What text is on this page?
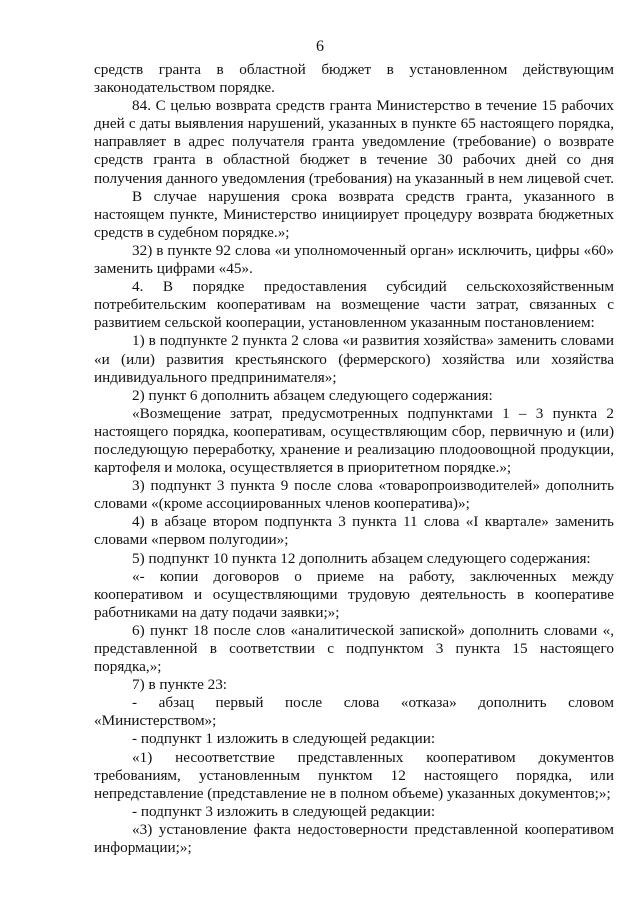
6

средств гранта в областной бюджет в установленном действующим законодательством порядке.

84. С целью возврата средств гранта Министерство в течение 15 рабочих дней с даты выявления нарушений, указанных в пункте 65 настоящего порядка, направляет в адрес получателя гранта уведомление (требование) о возврате средств гранта в областной бюджет в течение 30 рабочих дней со дня получения данного уведомления (требования) на указанный в нем лицевой счет.

В случае нарушения срока возврата средств гранта, указанного в настоящем пункте, Министерство инициирует процедуру возврата бюджетных средств в судебном порядке.»;

32) в пункте 92 слова «и уполномоченный орган» исключить, цифры «60» заменить цифрами «45».

4. В порядке предоставления субсидий сельскохозяйственным потребительским кооперативам на возмещение части затрат, связанных с развитием сельской кооперации, установленном указанным постановлением:

1) в подпункте 2 пункта 2 слова «и развития хозяйства» заменить словами «и (или) развития крестьянского (фермерского) хозяйства или хозяйства индивидуального предпринимателя»;

2) пункт 6 дополнить абзацем следующего содержания:

«Возмещение затрат, предусмотренных подпунктами 1 – 3 пункта 2 настоящего порядка, кооперативам, осуществляющим сбор, первичную и (или) последующую переработку, хранение и реализацию плодоовощной продукции, картофеля и молока, осуществляется в приоритетном порядке.»;

3) подпункт 3 пункта 9 после слова «товаропроизводителей» дополнить словами «(кроме ассоциированных членов кооператива)»;

4) в абзаце втором подпункта 3 пункта 11 слова «I квартале» заменить словами «первом полугодии»;

5) подпункт 10 пункта 12 дополнить абзацем следующего содержания:

«- копии договоров о приеме на работу, заключенных между кооперативом и осуществляющими трудовую деятельность в кооперативе работниками на дату подачи заявки;»;

6) пункт 18 после слов «аналитической запиской» дополнить словами «, представленной в соответствии с подпунктом 3 пункта 15 настоящего порядка,»;

7) в пункте 23:

- абзац первый после слова «отказа» дополнить словом «Министерством»;

- подпункт 1 изложить в следующей редакции:

«1) несоответствие представленных кооперативом документов требованиям, установленным пунктом 12 настоящего порядка, или непредставление (представление не в полном объеме) указанных документов;»;

- подпункт 3 изложить в следующей редакции:

«3) установление факта недостоверности представленной кооперативом информации;»;
